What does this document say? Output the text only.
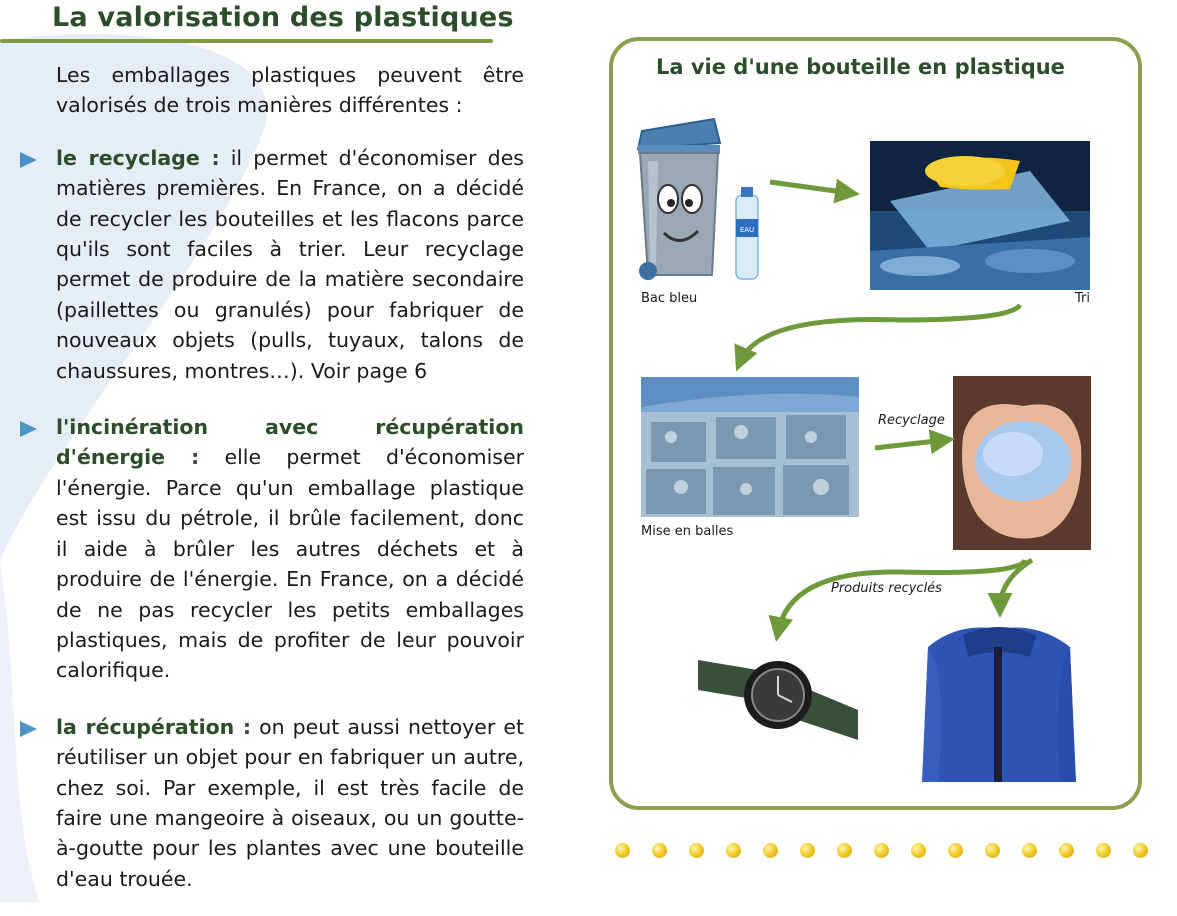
La valorisation des plastiques

Les emballages plastiques peuvent être valorisés de trois manières différentes :

le recyclage : il permet d'économiser des matières premières. En France, on a décidé de recycler les bouteilles et les flacons parce qu'ils sont faciles à trier. Leur recyclage permet de produire de la matière secondaire (paillettes ou granulés) pour fabriquer de nouveaux objets (pulls, tuyaux, talons de chaussures, montres…). Voir page 6

l'incinération avec récupération d'énergie : elle permet d'économiser l'énergie. Parce qu'un emballage plastique est issu du pétrole, il brûle facilement, donc il aide à brûler les autres déchets et à produire de l'énergie. En France, on a décidé de ne pas recycler les petits emballages plastiques, mais de profiter de leur pouvoir calorifique.

la récupération : on peut aussi nettoyer et réutiliser un objet pour en fabriquer un autre, chez soi. Par exemple, il est très facile de faire une mangeoire à oiseaux, ou un goutte-à-goutte pour les plantes avec une bouteille d'eau trouée.

La vie d'une bouteille en plastique
EAU
Bac bleu	Tri
Mise en balles
Recyclage
Produits recyclés
